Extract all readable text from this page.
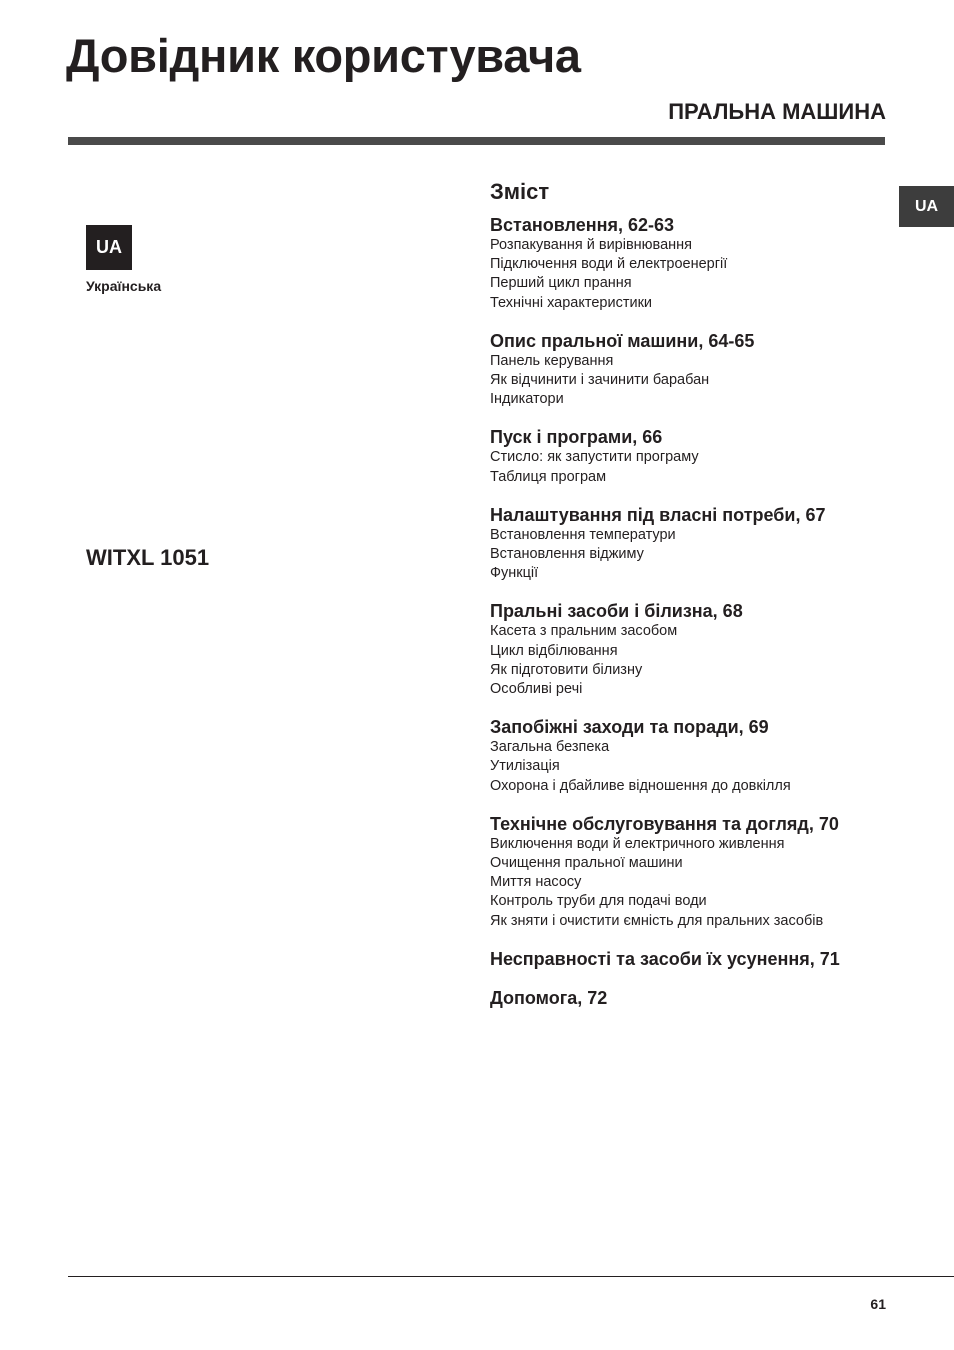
Довідник користувача
ПРАЛЬНА МАШИНА
UA
UA
Українська
WITXL 1051
Зміст
Встановлення, 62-63
Розпакування й вирівнювання
Підключення води й електроенергії
Перший цикл прання
Технічні характеристики
Опис пральної машини, 64-65
Панель керування
Як відчинити і зачинити барабан
Індикатори
Пуск і програми, 66
Стисло: як запустити програму
Таблиця програм
Налаштування під власні потреби, 67
Встановлення температури
Встановлення віджиму
Функції
Пральні засоби і білизна, 68
Касета з пральним засобом
Цикл відбілювання
Як підготовити білизну
Особливі речі
Запобіжні заходи та поради, 69
Загальна безпека
Утилізація
Охорона і дбайливе відношення до довкілля
Технічне обслуговування та догляд, 70
Виключення води й електричного живлення
Очищення пральної машини
Миття насосу
Контроль труби для подачі води
Як зняти і очистити ємність для пральних засобів
Несправності та засоби їх усунення, 71
Допомога, 72
61
